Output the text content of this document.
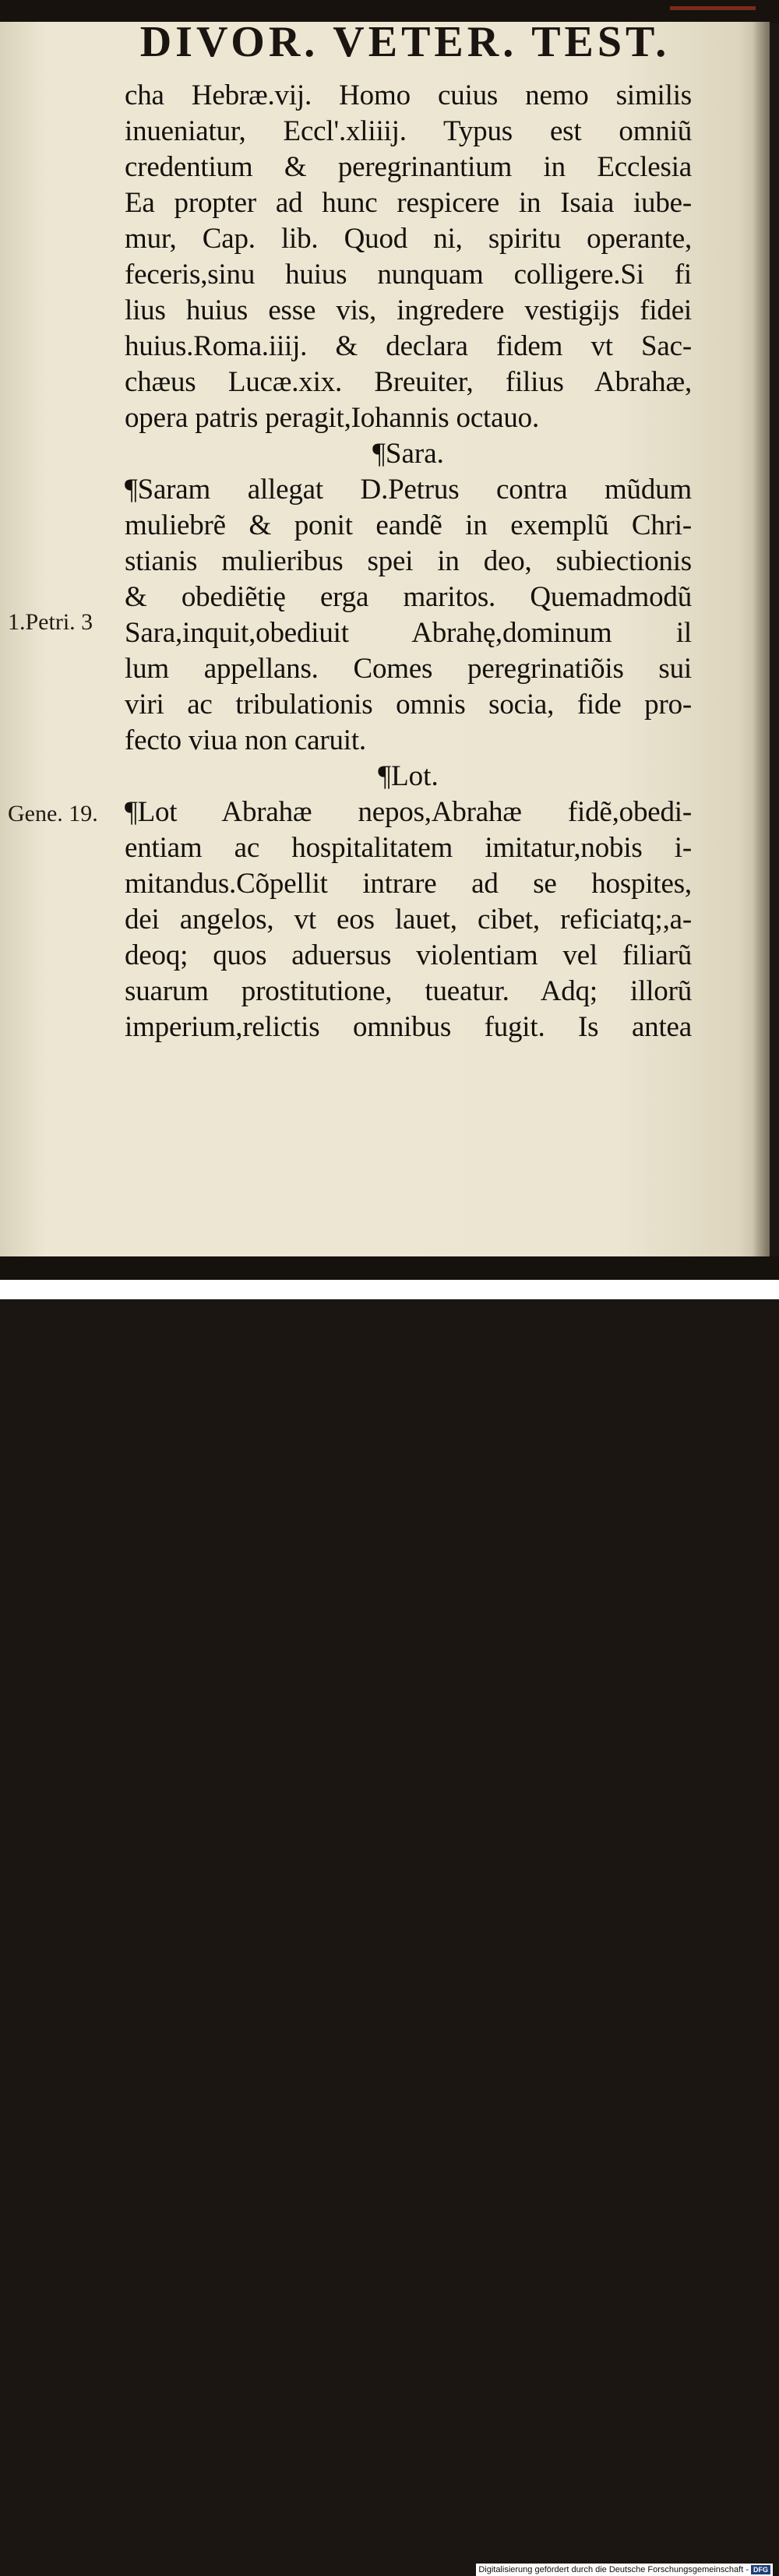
DIVOR. VETER. TEST.
cha Hebræ.vij. Homo cuius nemo similis
inueniatur, Eccl'.xliiij. Typus est omniũ
credentium & peregrinantium in Ecclesia
Ea propter ad hunc respicere in Isaia iube-
mur, Cap. lib. Quod ni, spiritu operante,
feceris,sinu huius nunquam colligere.Si fi
lius huius esse vis, ingredere vestigijs fidei
huius.Roma.iiij. & declara fidem vt Sac-
chæus Lucæ.xix. Breuiter, filius Abrahæ,
opera patris peragit,Iohannis octauo.
¶Sara.
¶Saram allegat D.Petrus contra mũdum
muliebrẽ & ponit eandẽ in exemplũ Chri-
stianis mulieribus spei in deo, subiectionis
& obediẽtię erga maritos. Quemadmodũ
Sara,inquit,obediuit Abrahę,dominum il
lum appellans. Comes peregrinatiõis sui
viri ac tribulationis omnis socia, fide pro-
fecto viua non caruit.
¶Lot.
¶Lot Abrahæ nepos,Abrahæ fidẽ,obedi-
entiam ac hospitalitatem imitatur,nobis i-
mitandus.Cõpellit intrare ad se hospites,
dei angelos, vt eos lauet, cibet, reficiatq;,a-
deoq; quos aduersus violentiam vel filiarũ
suarum prostitutione, tueatur. Adq; illorũ
imperium,relictis omnibus fugit. Is antea
1.Petri. 3
Gene. 19.
Digitalisierung gefördert durch die Deutsche Forschungsgemeinschaft - DFG
